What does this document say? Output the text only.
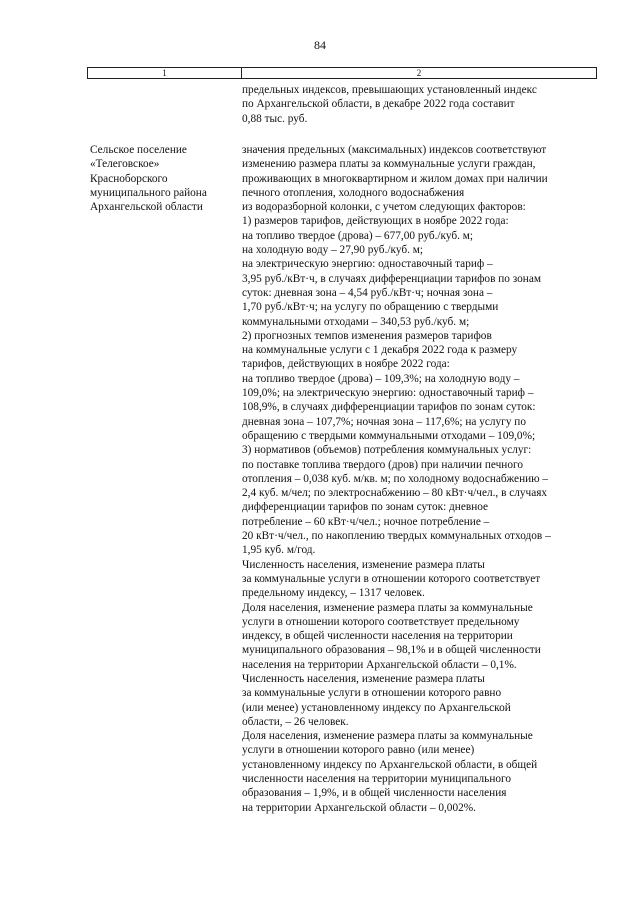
84
1	2
предельных индексов, превышающих установленный индекс
по Архангельской области, в декабре 2022 года составит
0,88 тыс. руб.
Сельское поселение
«Телеговское»
Красноборского
муниципального района
Архангельской области
значения предельных (максимальных) индексов соответствуют
изменению размера платы за коммунальные услуги граждан,
проживающих в многоквартирном и жилом домах при наличии
печного отопления, холодного водоснабжения
из водоразборной колонки, с учетом следующих факторов:
1) размеров тарифов, действующих в ноябре 2022 года:
на топливо твердое (дрова) – 677,00 руб./куб. м;
на холодную воду – 27,90 руб./куб. м;
на электрическую энергию: одноставочный тариф –
3,95 руб./кВт·ч, в случаях дифференциации тарифов по зонам
суток: дневная зона – 4,54 руб./кВт·ч; ночная зона –
1,70 руб./кВт·ч; на услугу по обращению с твердыми
коммунальными отходами – 340,53 руб./куб. м;
2) прогнозных темпов изменения размеров тарифов
на коммунальные услуги с 1 декабря 2022 года к размеру
тарифов, действующих в ноябре 2022 года:
на топливо твердое (дрова) – 109,3%; на холодную воду –
109,0%; на электрическую энергию: одноставочный тариф –
108,9%, в случаях дифференциации тарифов по зонам суток:
дневная зона – 107,7%; ночная зона – 117,6%; на услугу по
обращению с твердыми коммунальными отходами – 109,0%;
3) нормативов (объемов) потребления коммунальных услуг:
по поставке топлива твердого (дров) при наличии печного
отопления – 0,038 куб. м/кв. м; по холодному водоснабжению –
2,4 куб. м/чел; по электроснабжению – 80 кВт·ч/чел., в случаях
дифференциации тарифов по зонам суток: дневное
потребление – 60 кВт·ч/чел.; ночное потребление –
20 кВт·ч/чел., по накоплению твердых коммунальных отходов –
1,95 куб. м/год.
Численность населения, изменение размера платы
за коммунальные услуги в отношении которого соответствует
предельному индексу, – 1317 человек.
Доля населения, изменение размера платы за коммунальные
услуги в отношении которого соответствует предельному
индексу, в общей численности населения на территории
муниципального образования – 98,1% и в общей численности
населения на территории Архангельской области – 0,1%.
Численность населения, изменение размера платы
за коммунальные услуги в отношении которого равно
(или менее) установленному индексу по Архангельской
области, – 26 человек.
Доля населения, изменение размера платы за коммунальные
услуги в отношении которого равно (или менее)
установленному индексу по Архангельской области, в общей
численности населения на территории муниципального
образования – 1,9%, и в общей численности населения
на территории Архангельской области – 0,002%.
